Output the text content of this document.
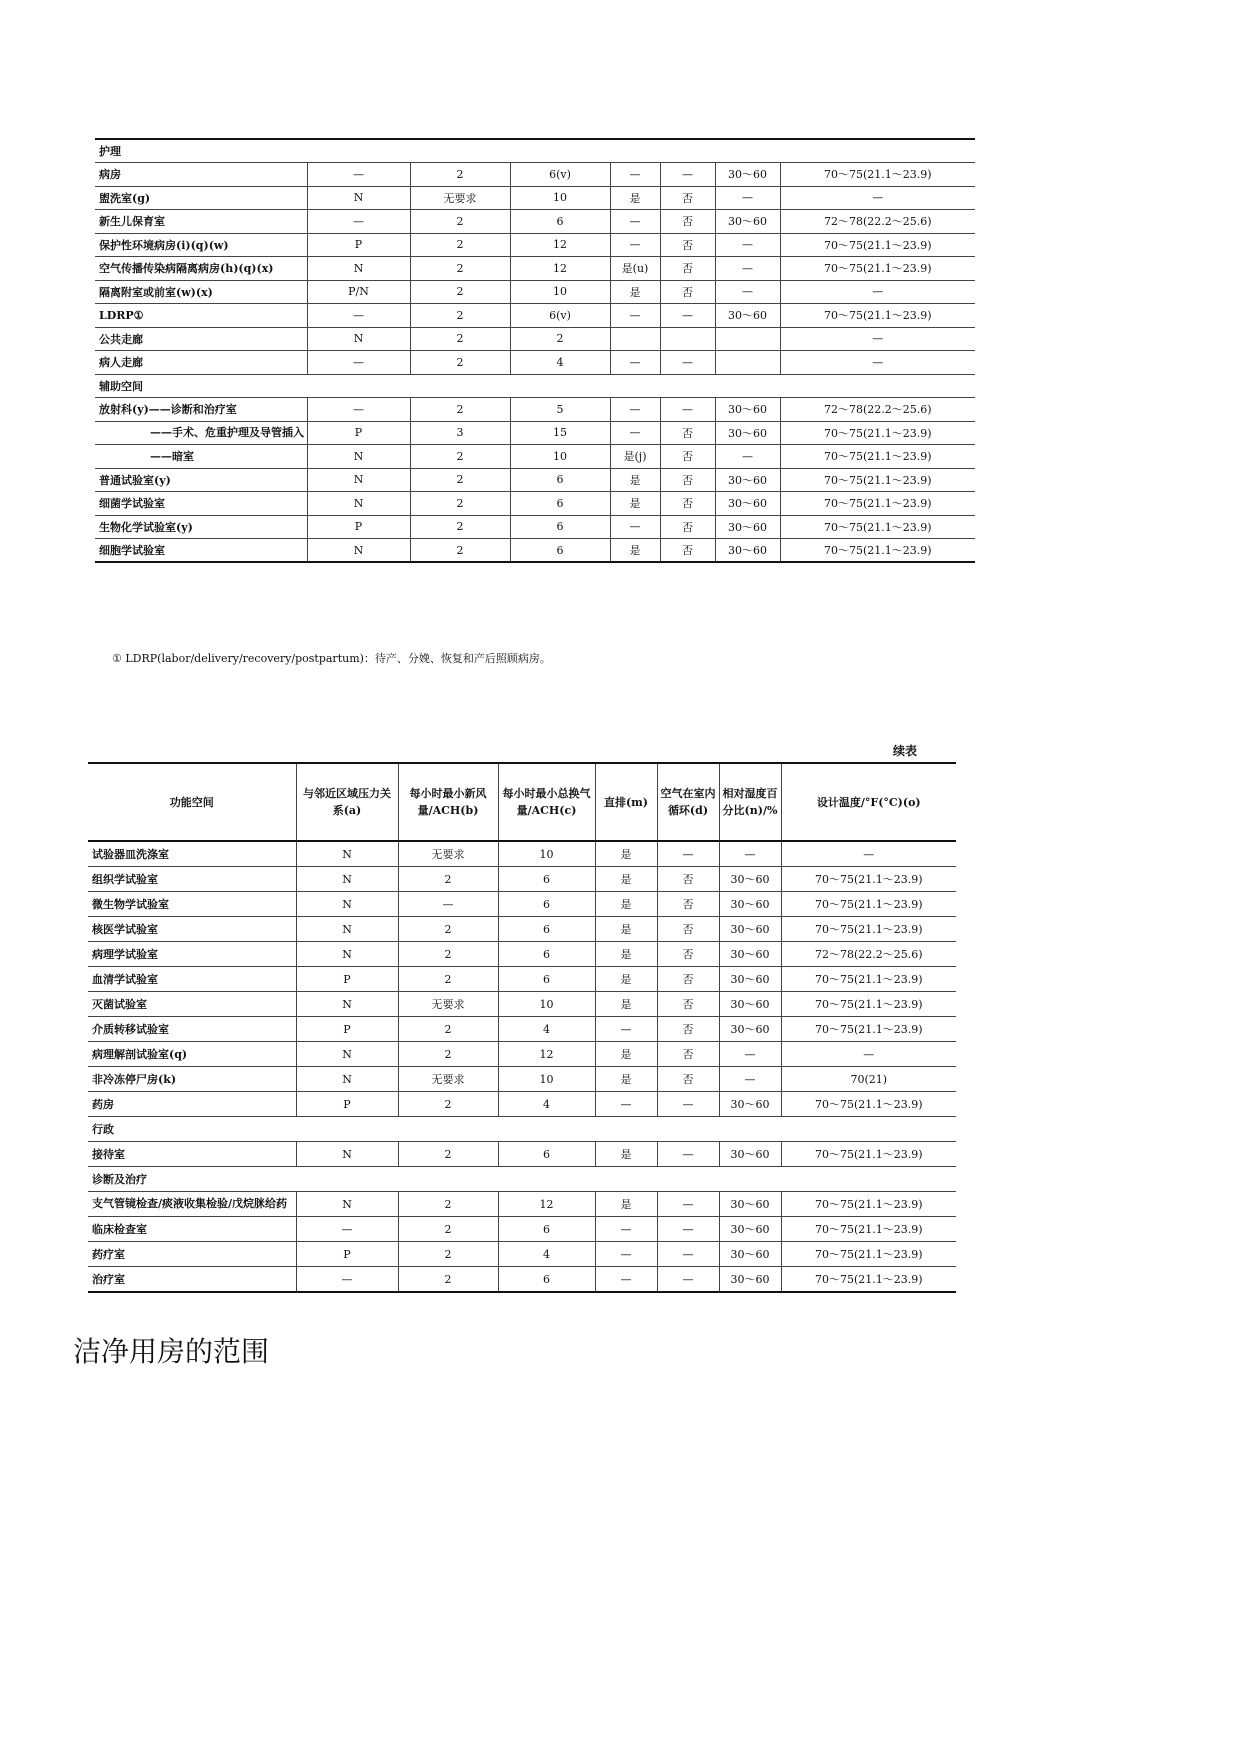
护理							
病房	—	2	6(v)	—	—	30～60	70～75(21.1～23.9)
盥洗室(g)	N	无要求	10	是	否	—	—
新生儿保育室	—	2	6	—	否	30～60	72～78(22.2～25.6)
保护性环境病房(i)(q)(w)	P	2	12	—	否	—	70～75(21.1～23.9)
空气传播传染病隔离病房(h)(q)(x)	N	2	12	是(u)	否	—	70～75(21.1～23.9)
隔离附室或前室(w)(x)	P/N	2	10	是	否	—	—
LDRP①	—	2	6(v)	—	—	30～60	70～75(21.1～23.9)
公共走廊	N	2	2				—
病人走廊	—	2	4	—	—		—
辅助空间							
放射科(y)——诊断和治疗室	—	2	5	—	—	30～60	72～78(22.2～25.6)
——手术、危重护理及导管插入	P	3	15	—	否	30～60	70～75(21.1～23.9)
——暗室	N	2	10	是(j)	否	—	70～75(21.1～23.9)
普通试验室(y)	N	2	6	是	否	30～60	70～75(21.1～23.9)
细菌学试验室	N	2	6	是	否	30～60	70～75(21.1～23.9)
生物化学试验室(y)	P	2	6	—	否	30～60	70～75(21.1～23.9)
细胞学试验室	N	2	6	是	否	30～60	70～75(21.1～23.9)
① LDRP(labor/delivery/recovery/postpartum)：待产、分娩、恢复和产后照顾病房。
续表
功能空间	与邻近区域压力关系(a)	每小时最小新风量/ACH(b)	每小时最小总换气量/ACH(c)	直排(m)	空气在室内循环(d)	相对湿度百分比(n)/%	设计温度/°F(°C)(o)
试验器皿洗涤室	N	无要求	10	是	—	—	—
组织学试验室	N	2	6	是	否	30～60	70～75(21.1～23.9)
微生物学试验室	N	—	6	是	否	30～60	70～75(21.1～23.9)
核医学试验室	N	2	6	是	否	30～60	70～75(21.1～23.9)
病理学试验室	N	2	6	是	否	30～60	72～78(22.2～25.6)
血清学试验室	P	2	6	是	否	30～60	70～75(21.1～23.9)
灭菌试验室	N	无要求	10	是	否	30～60	70～75(21.1～23.9)
介质转移试验室	P	2	4	—	否	30～60	70～75(21.1～23.9)
病理解剖试验室(q)	N	2	12	是	否	—	—
非冷冻停尸房(k)	N	无要求	10	是	否	—	70(21)
药房	P	2	4	—	—	30～60	70～75(21.1～23.9)
行政							
接待室	N	2	6	是	—	30～60	70～75(21.1～23.9)
诊断及治疗							
支气管镜检查/痰液收集检验/戊烷脒给药	N	2	12	是	—	30～60	70～75(21.1～23.9)
临床检查室	—	2	6	—	—	30～60	70～75(21.1～23.9)
药疗室	P	2	4	—	—	30～60	70～75(21.1～23.9)
治疗室	—	2	6	—	—	30～60	70～75(21.1～23.9)
洁净用房的范围
